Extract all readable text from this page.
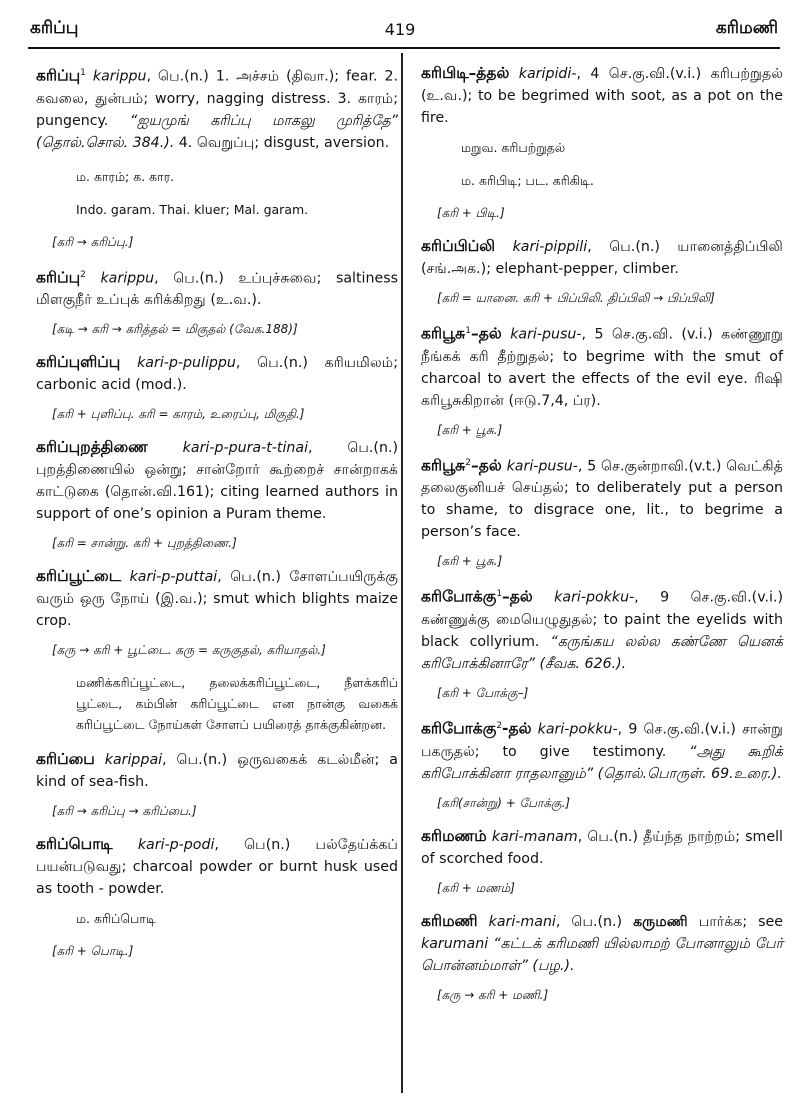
கரிப்பு	419	கரிமணி
கரிப்பு$^1$ karippu, பெ.(n.) 1. அச்சம் (திவா.); fear. 2. கவலை, துன்பம்; worry, nagging distress. 3. காரம்; pungency. “ஐயமுங் கரிப்பு மாகலு முரித்தே” (தொல்.சொல். 384.). 4. வெறுப்பு; disgust, aversion.
ம. காரம்; க. கார.
Indo. garam. Thai. kluer; Mal. garam.
[கரி → கரிப்பு.]
கரிப்பு$^2$ karippu, பெ.(n.) உப்புச்சுவை; saltiness மிளகுநீர் உப்புக் கரிக்கிறது (உ.வ.).
[கடி → கரி → கரித்தல் = மிகுதல் (வேக.188)]
கரிப்புளிப்பு kari-p-pulippu, பெ.(n.) கரியமிலம்; carbonic acid (mod.).
[கரி + புளிப்பு. கரி = காரம், உரைப்பு, மிகுதி.]
கரிப்புறத்திணை kari-p-pura-t-tinai, பெ.(n.) புறத்திணையில் ஒன்று; சான்றோர் கூற்றைச் சான்றாகக் காட்டுகை (தொன்.வி.161); citing learned authors in support of one’s opinion a Puram theme.
[கரி = சான்று. கரி + புறத்திணை.]
கரிப்பூட்டை kari-p-puttai, பெ.(n.) சோளப்பயிருக்கு வரும் ஒரு நோய் (இ.வ.); smut which blights maize crop.
[கரு → கரி + பூட்டை. கரு = கருகுதல், கரியாதல்.]
மணிக்கரிப்பூட்டை, தலைக்கரிப்பூட்டை, நீளக்கரிப் பூட்டை, கம்பின் கரிப்பூட்டை என நான்கு வகைக் கரிப்பூட்டை நோய்கள் சோளப் பயிரைத் தாக்குகின்றன.
கரிப்பை karippai, பெ.(n.) ஒருவகைக் கடல்மீன்; a kind of sea-fish.
[கரி → கரிப்பு → கரிப்பை.]
கரிப்பொடி kari-p-podi, பெ(n.) பல்தேய்க்கப் பயன்படுவது; charcoal powder or burnt husk used as tooth - powder.
ம. கரிப்பொடி
[கரி + பொடி.]
கரிபிடி–த்தல் karipidi-, 4 செ.கு.வி.(v.i.) கரிபற்றுதல் (உ.வ.); to be begrimed with soot, as a pot on the fire.
மறுவ. கரிபற்றுதல்
ம. கரிபிடி; பட. கரிகிடி.
[கரி + பிடி.]
கரிப்பிப்லி kari-pippili, பெ.(n.) யானைத்திப்பிலி (சங்.அக.); elephant-pepper, climber.
[கரி = யானை. கரி + பிப்பிலி. திப்பிலி → பிப்பிலி]
கரிபூசு$^1$–தல் kari-pusu-, 5 செ.கு.வி. (v.i.) கண்ணூறு நீங்கக் கரி தீற்றுதல்; to begrime with the smut of charcoal to avert the effects of the evil eye. ரிஷி கரிபூசுகிறான் (ஈடு.7,4, ப்ர).
[கரி + பூசு.]
கரிபூசு$^2$–தல் kari-pusu-, 5 செ.குன்றாவி.(v.t.) வெட்கித் தலைகுனியச் செய்தல்; to deliberately put a person to shame, to disgrace one, lit., to begrime a person’s face.
[கரி + பூசு.]
கரிபோக்கு$^1$–தல் kari-pokku-, 9 செ.கு.வி.(v.i.) கண்ணுக்கு மையெழுதுதல்; to paint the eyelids with black collyrium. “கருங்கய லல்ல கண்ணே யெனக் கரிபோக்கினாரே” (சீவக. 626.).
[கரி + போக்கு–]
கரிபோக்கு$^2$-தல் kari-pokku-, 9 செ.கு.வி.(v.i.) சான்று பகருதல்; to give testimony. “அது கூறிக் கரிபோக்கினா ராதலானும்” (தொல்.பொருள். 69.உரை.).
[கரி(சான்று) + போக்கு.]
கரிமணம் kari-manam, பெ.(n.) தீய்ந்த நாற்றம்; smell of scorched food.
[கரி + மணம்]
கரிமணி kari-mani, பெ.(n.) கருமணி பார்க்க; see karumani “கட்டக் கரிமணி யில்லாமற் போனாலும் பேர் பொன்னம்மாள்” (பழ.).
[கரு → கரி + மணி.]
